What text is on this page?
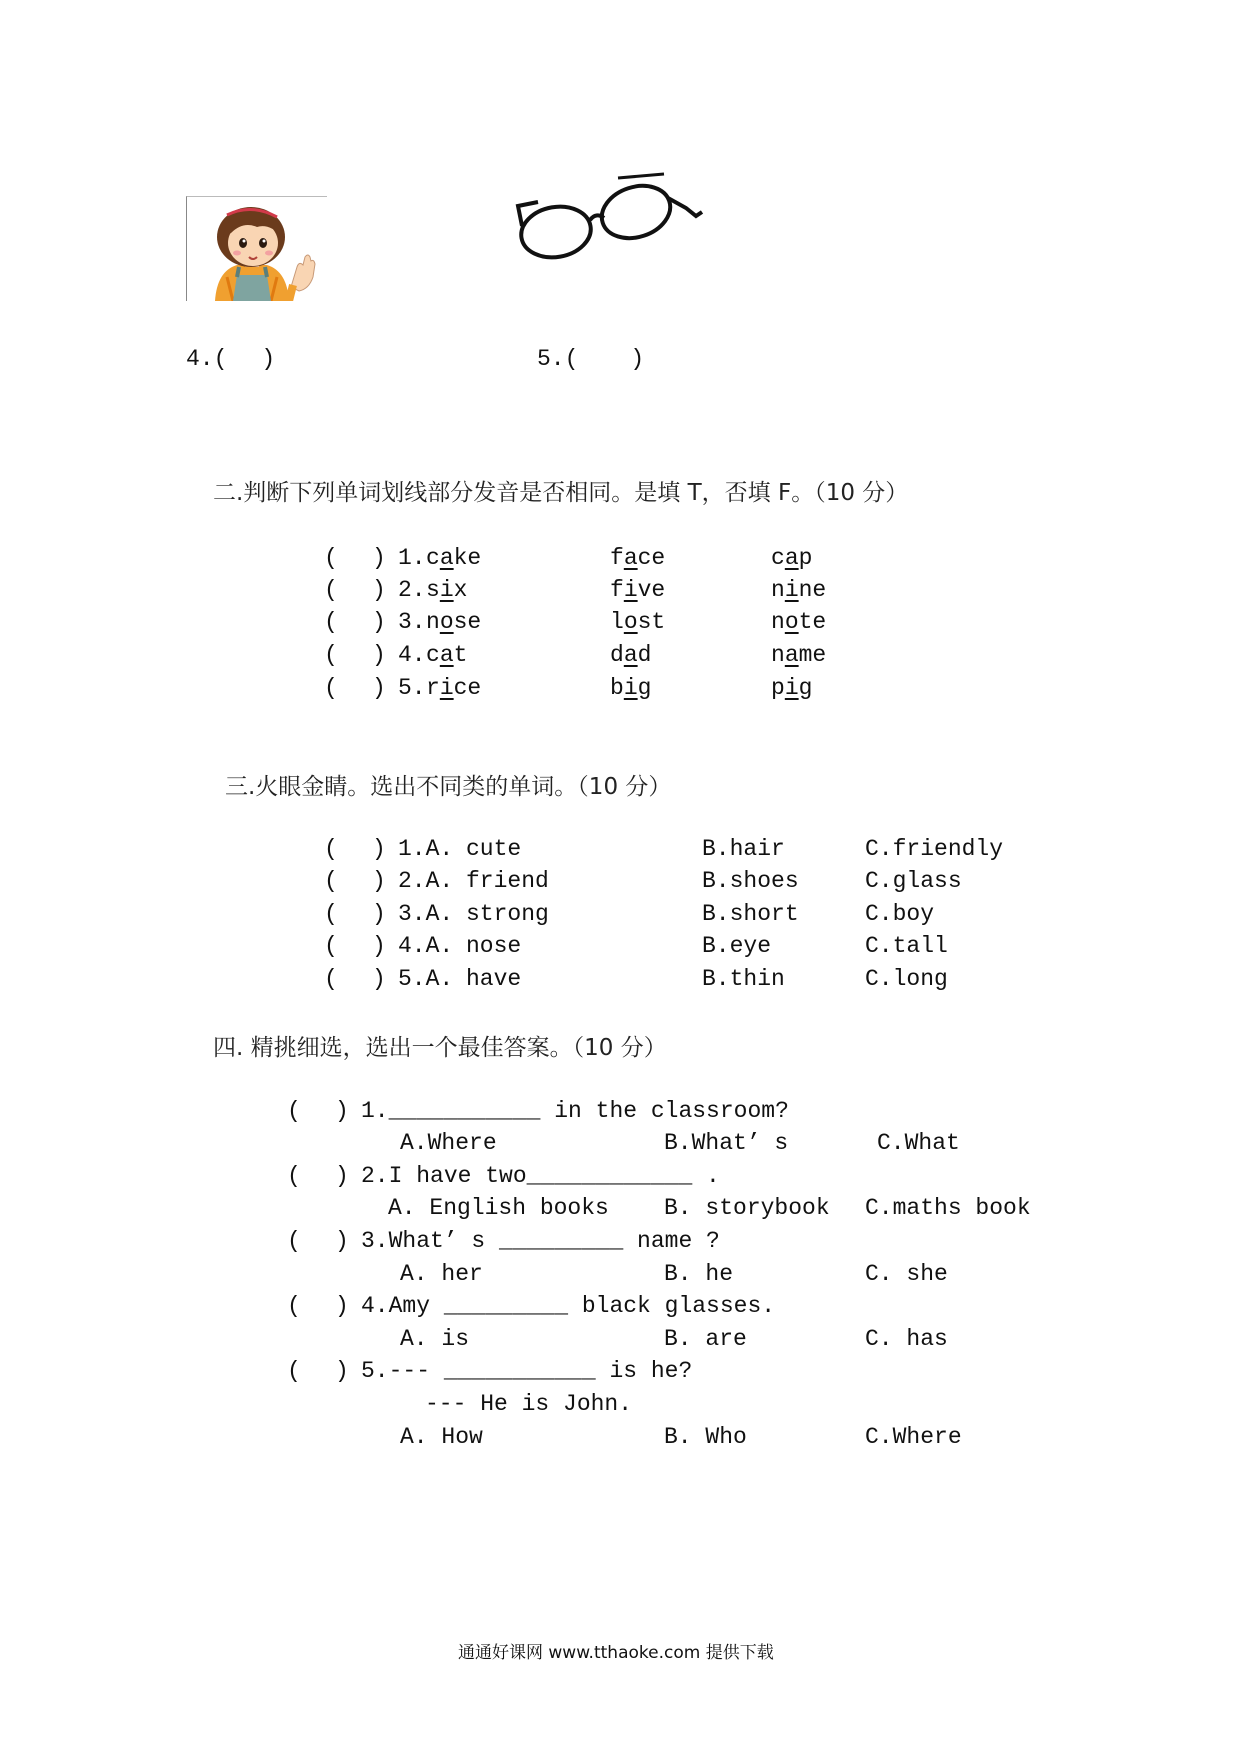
4.( )	5.( )
二.判断下列单词划线部分发音是否相同。是填 T，否填 F。（10 分）
( ) 1. cake	face	cap
( ) 2. six	five	nine
( ) 3. nose	lost	note
( ) 4. cat	dad	name
( ) 5. rice	big	pig
三.火眼金睛。选出不同类的单词。（10 分）
( ) 1.A. cute	B.hair	C.friendly
( ) 2.A. friend	B.shoes	C.glass
( ) 3.A. strong	B.short	C.boy
( ) 4.A. nose	B.eye	C.tall
( ) 5.A. have	B.thin	C.long
四. 精挑细选，选出一个最佳答案。（10 分）
( ) 1.___________ in the classroom?
A.Where	B.What’ s	C.What
( ) 2.I have two____________ .
A. English books B. storybook C.maths book
( ) 3.What’ s _________ name ?
A. her	B. he	C. she
( ) 4.Amy _________ black glasses.
A. is	B. are	C. has
( ) 5.--- ___________ is he?
--- He is John.
A. How	B. Who	C.Where
通通好课网 www.tthaoke.com 提供下载
